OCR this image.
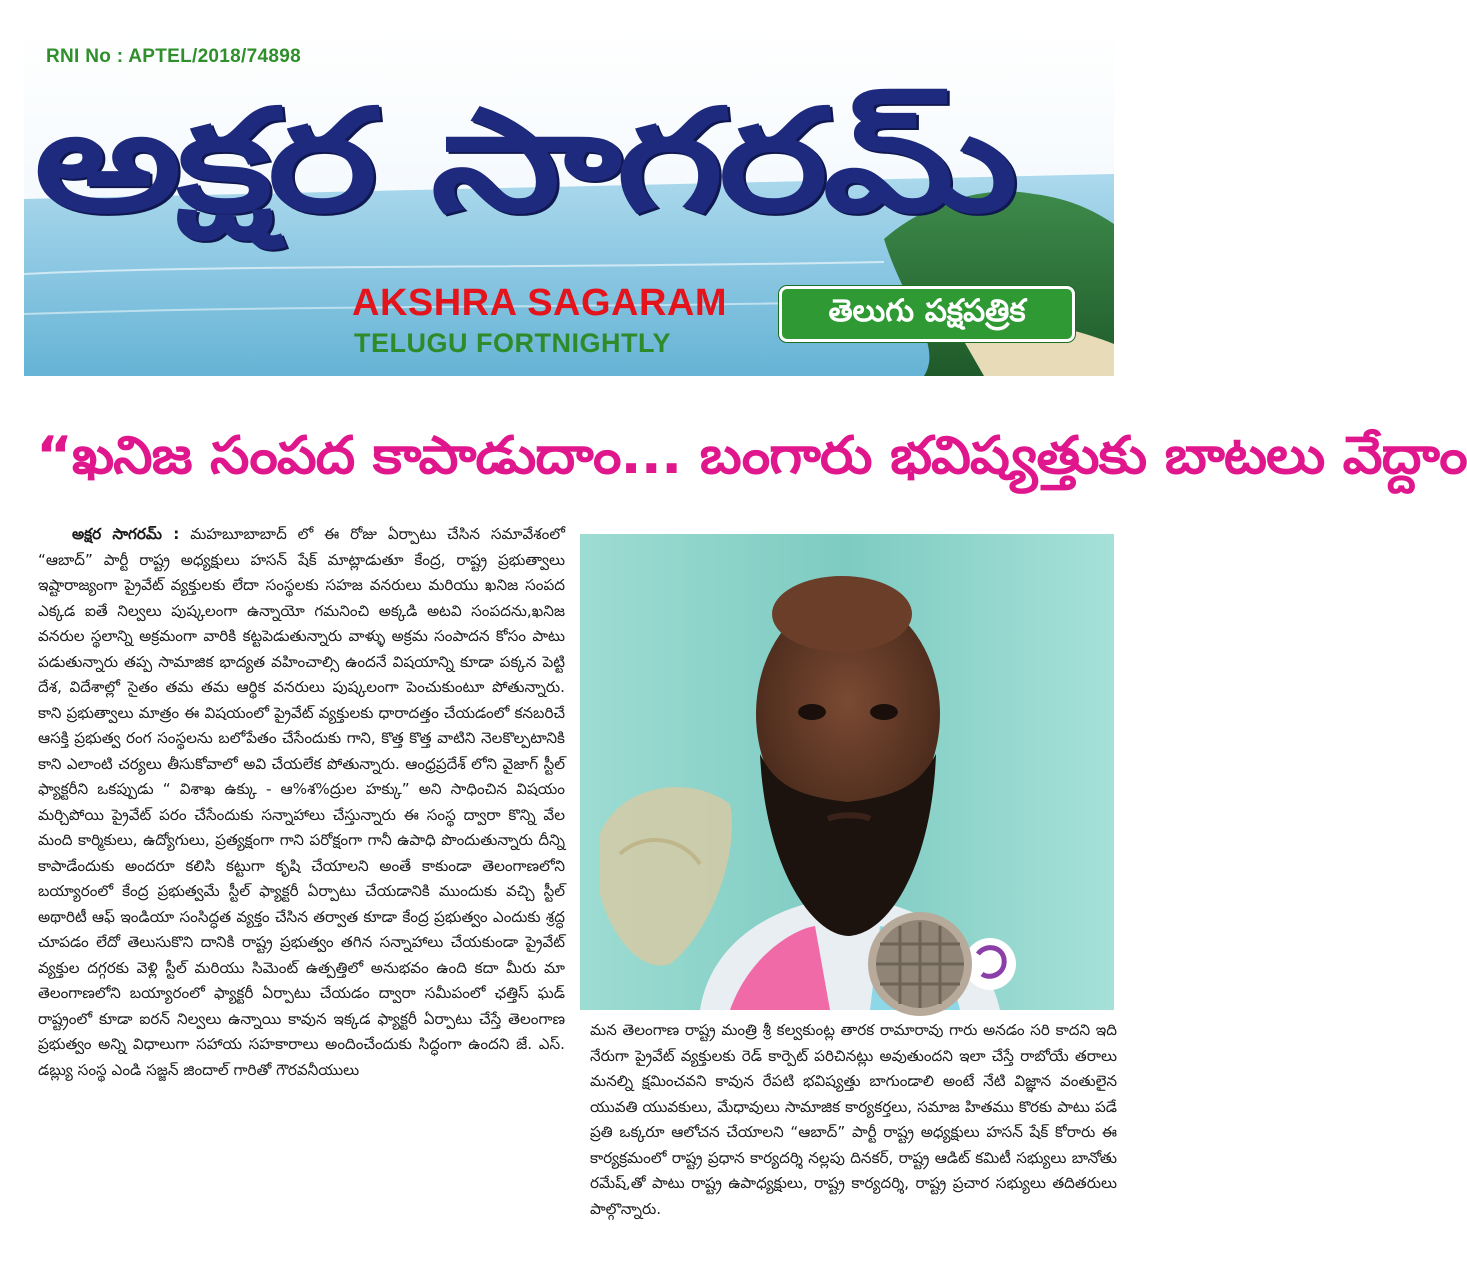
RNI No : APTEL/2018/74898
అక్షర సాగరమ్
AKSHRA SAGARAM
TELUGU FORTNIGHTLY
తెలుగు పక్షపత్రిక
“ఖనిజ సంపద కాపాడుదాం... బంగారు భవిష్యత్తుకు బాటలు వేద్దాం

అక్షర సాగరమ్ : మహబూబాబాద్ లో ఈ రోజు ఏర్పాటు చేసిన సమావేశంలో “ఆబాద్” పార్టీ రాష్ట్ర అధ్యక్షులు హసన్ షేక్ మాట్లాడుతూ కేంద్ర, రాష్ట్ర ప్రభుత్వాలు ఇష్టారాజ్యంగా ప్రైవేట్ వ్యక్తులకు లేదా సంస్థలకు సహజ వనరులు మరియు ఖనిజ సంపద ఎక్కడ ఐతే నిల్వలు పుష్కలంగా ఉన్నాయో గమనించి అక్కడి అటవి సంపదను,ఖనిజ వనరుల స్థలాన్ని అక్రమంగా వారికి కట్టపెడుతున్నారు వాళ్ళు అక్రమ సంపాదన కోసం పాటు పడుతున్నారు తప్ప సామాజిక భాద్యత వహించాల్సి ఉందనే విషయాన్ని కూడా పక్కన పెట్టి దేశ, విదేశాల్లో సైతం తమ తమ ఆర్థిక వనరులు పుష్కలంగా పెంచుకుంటూ పోతున్నారు. కాని ప్రభుత్వాలు మాత్రం ఈ విషయంలో ప్రైవేట్ వ్యక్తులకు ధారాదత్తం చేయడంలో కనబరిచే ఆసక్తి ప్రభుత్వ రంగ సంస్థలను బలోపేతం చేసేందుకు గాని, కొత్త కొత్త వాటిని నెలకొల్పటానికి కాని ఎలాంటి చర్యలు తీసుకోవాలో అవి చేయలేక పోతున్నారు. ఆంధ్రప్రదేశ్ లోని వైజాగ్ స్టీల్ ఫ్యాక్టరీని ఒకప్పుడు “ విశాఖ ఉక్కు - ఆ%శ%ద్రుల హక్కు” అని సాధించిన విషయం మర్చిపోయి ప్రైవేట్ పరం చేసేందుకు సన్నాహాలు చేస్తున్నారు ఈ సంస్థ ద్వారా కొన్ని వేల మంది కార్మికులు, ఉద్యోగులు, ప్రత్యక్షంగా గాని పరోక్షంగా గానీ ఉపాధి పొందుతున్నారు దీన్ని కాపాడేందుకు అందరూ కలిసి కట్టుగా కృషి చేయాలని అంతే కాకుండా తెలంగాణలోని బయ్యారంలో కేంద్ర ప్రభుత్వమే స్టీల్ ఫ్యాక్టరీ ఏర్పాటు చేయడానికి ముందుకు వచ్చి స్టీల్ అథారిటీ ఆఫ్ ఇండియా సంసిద్ధత వ్యక్తం చేసిన తర్వాత కూడా కేంద్ర ప్రభుత్వం ఎందుకు శ్రద్ధ చూపడం లేదో తెలుసుకొని దానికి రాష్ట్ర ప్రభుత్వం తగిన సన్నాహాలు చేయకుండా ప్రైవేట్ వ్యక్తుల దగ్గరకు వెళ్లి స్టీల్ మరియు సిమెంట్ ఉత్పత్తిలో అనుభవం ఉంది కదా మీరు మా తెలంగాణలోని బయ్యారంలో ఫ్యాక్టరీ ఏర్పాటు చేయడం ద్వారా సమీపంలో ఛత్తిస్ ఘడ్ రాష్ట్రంలో కూడా ఐరన్ నిల్వలు ఉన్నాయి కావున ఇక్కడ ఫ్యాక్టరీ ఏర్పాటు చేస్తే తెలంగాణ ప్రభుత్వం అన్ని విధాలుగా సహాయ సహకారాలు అందించేందుకు సిద్ధంగా ఉందని జే. ఎస్. డబ్ల్యు సంస్థ ఎండి సజ్జన్ జిందాల్ గారితో గౌరవనీయులు

మన తెలంగాణ రాష్ట్ర మంత్రి శ్రీ కల్వకుంట్ల తారక రామారావు గారు అనడం సరి కాదని ఇది నేరుగా ప్రైవేట్ వ్యక్తులకు రెడ్ కార్పెట్ పరిచినట్లు అవుతుందని ఇలా చేస్తే రాబోయే తరాలు మనల్ని క్షమించవని కావున రేపటి భవిష్యత్తు బాగుండాలి అంటే నేటి విజ్ఞాన వంతులైన యువతి యువకులు, మేధావులు సామాజిక కార్యకర్తలు, సమాజ హితము కొరకు పాటు పడే ప్రతి ఒక్కరూ ఆలోచన చేయాలని “ఆబాద్” పార్టీ రాష్ట్ర అధ్యక్షులు హసన్ షేక్ కోరారు ఈ కార్యక్రమంలో రాష్ట్ర ప్రధాన కార్యదర్శి నల్లపు దినకర్, రాష్ట్ర ఆడిట్ కమిటీ సభ్యులు బానోతు రమేష్,తో పాటు రాష్ట్ర ఉపాధ్యక్షులు, రాష్ట్ర కార్యదర్శి, రాష్ట్ర ప్రచార సభ్యులు తదితరులు పాల్గొన్నారు.
